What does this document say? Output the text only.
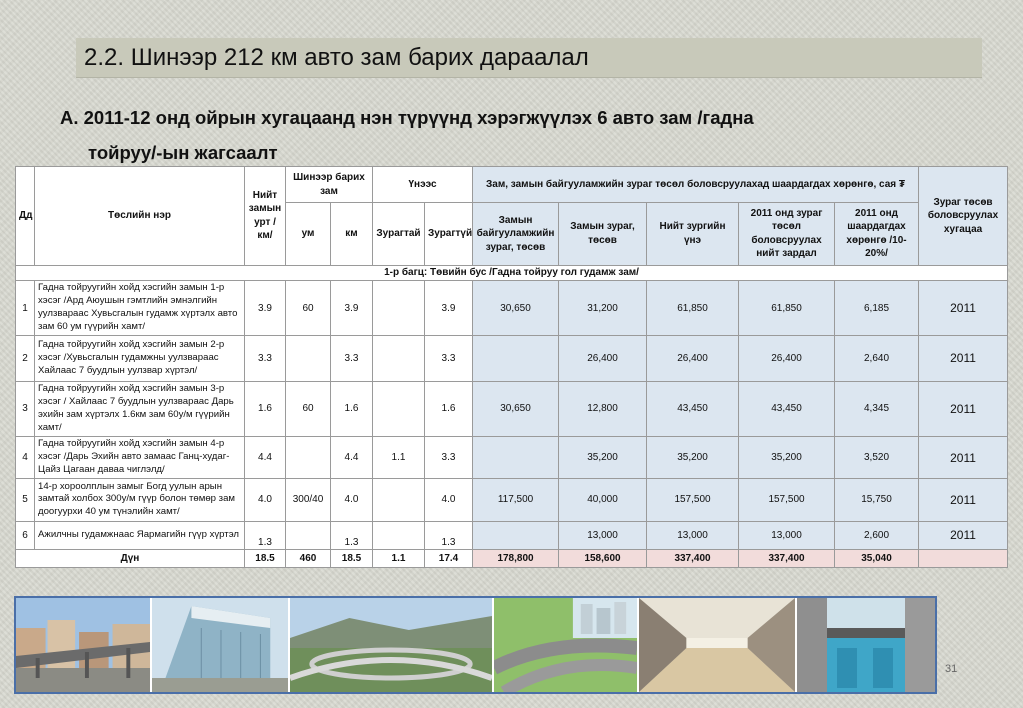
2.2. Шинээр 212 км авто зам барих дараалал
А. 2011-12 онд ойрын хугацаанд нэн түрүүнд хэрэгжүүлэх 6 авто зам /гадна
тойруу/-ын жагсаалт
Дд	Төслийн нэр	Нийт замын урт /км/	Шинээр барих зам		Үнээс		Зам, замын байгууламжийн зураг төсөл боловсруулахад шаардагдах хөрөнгө, сая ₮					Зураг төсөв боловсруулах хугацаа
			ум	км	Зурагтай	Зурагтүй	Замын байгууламжийн зураг, төсөв	Замын зураг, төсөв	Нийт зургийн үнэ	2011 онд зураг төсөл боловсруулах нийт зардал	2011 онд шаардагдах хөрөнгө /10-20%/	
1-р багц: Төвийн бус /Гадна тойруу гол гудамж зам/												
1	Гадна тойруугийн хойд хэсгийн замын 1-р хэсэг /Ард Аюушын гэмтлийн эмнэлгийн уулзвараас Хувьсгалын гудамж хүртэлх авто зам 60 ум гүүрийн хамт/	3.9	60	3.9		3.9	30,650	31,200	61,850	61,850	6,185	2011
2	Гадна тойруугийн хойд хэсгийн замын 2-р хэсэг /Хувьсгалын гудамжны уулзвараас Хайлаас 7 буудлын уулзвар хүртэл/	3.3		3.3		3.3		26,400	26,400	26,400	2,640	2011
3	Гадна тойруугийн хойд хэсгийн замын 3-р хэсэг / Хайлаас 7 буудлын уулзвараас Дарь эхийн зам хүртэлх 1.6км зам 60у/м гүүрийн хамт/	1.6	60	1.6		1.6	30,650	12,800	43,450	43,450	4,345	2011
4	Гадна тойруугийн хойд хэсгийн замын 4-р хэсэг /Дарь Эхийн авто замаас Ганц-худаг-Цайз Цагаан даваа чиглэлд/	4.4		4.4	1.1	3.3		35,200	35,200	35,200	3,520	2011
5	14-р хороолплын замыг Богд уулын арын замтай холбох 300у/м гүүр болон төмөр зам доогуурхи 40 ум түнэлийн хамт/	4.0	300/40	4.0		4.0	117,500	40,000	157,500	157,500	15,750	2011
6	Ажилчны гудамжнаас Яармагийн гүүр хүртэл	1.3		1.3		1.3		13,000	13,000	13,000	2,600	2011
Дүн		18.5	460	18.5	1.1	17.4	178,800	158,600	337,400	337,400	35,040	
31
